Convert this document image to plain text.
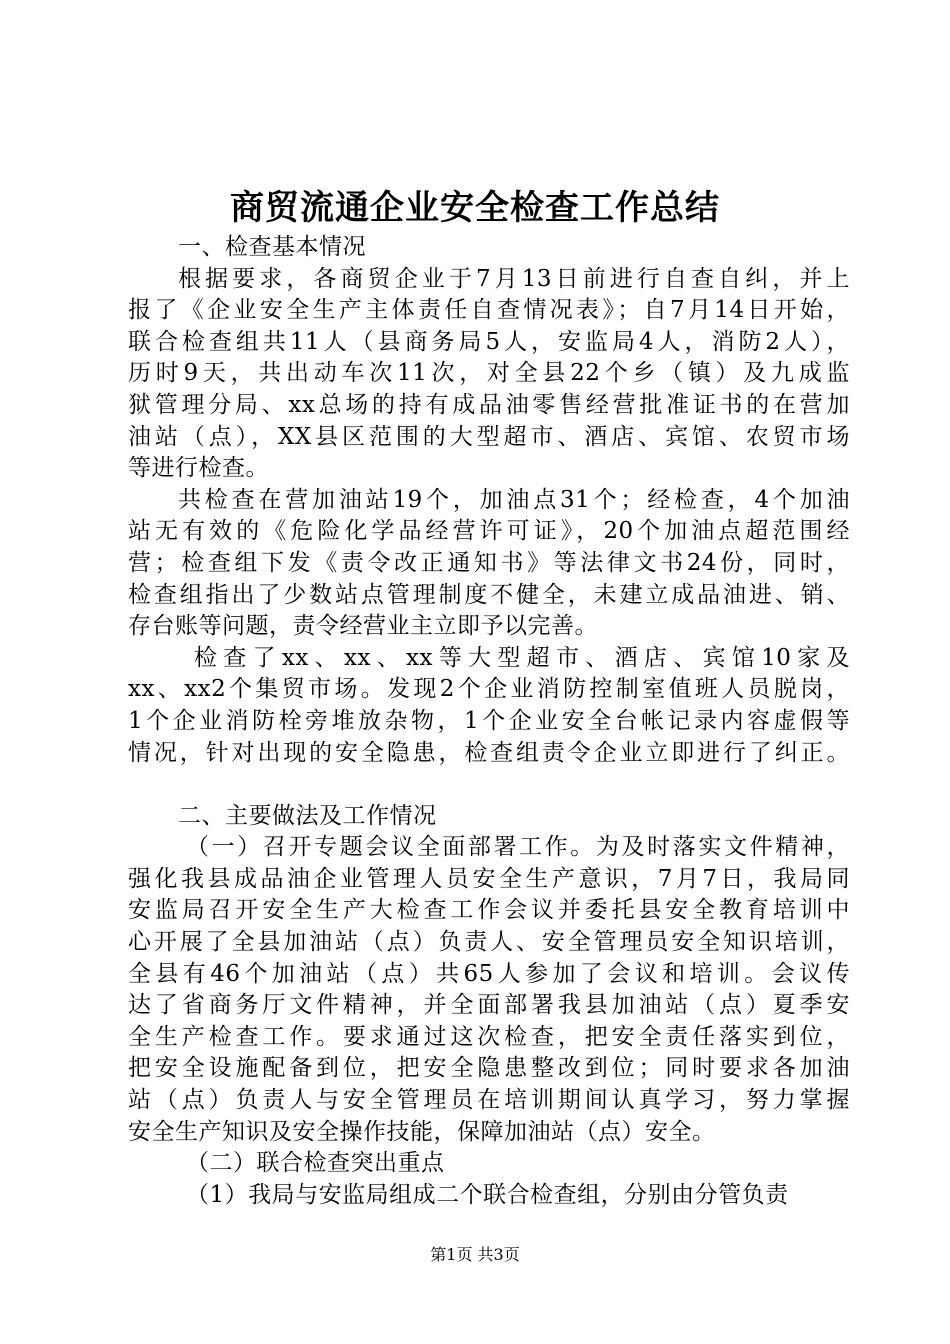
商贸流通企业安全检查工作总结
一、检查基本情况
根据要求，各商贸企业于7月13日前进行自查自纠，并上
报了《企业安全生产主体责任自查情况表》；自7月14日开始，
联合检查组共11人（县商务局5人，安监局4人，消防2人），
历时9天，共出动车次11次，对全县22个乡（镇）及九成监
狱管理分局、xx总场的持有成品油零售经营批准证书的在营加
油站（点），XX县区范围的大型超市、酒店、宾馆、农贸市场
等进行检查。
共检查在营加油站19个，加油点31个；经检查，4个加油
站无有效的《危险化学品经营许可证》，20个加油点超范围经
营；检查组下发《责令改正通知书》等法律文书24份，同时，
检查组指出了少数站点管理制度不健全，未建立成品油进、销、
存台账等问题，责令经营业主立即予以完善。
检查了xx、xx、xx等大型超市、酒店、宾馆10家及
xx、xx2个集贸市场。发现2个企业消防控制室值班人员脱岗，
1个企业消防栓旁堆放杂物，1个企业安全台帐记录内容虚假等
情况，针对出现的安全隐患，检查组责令企业立即进行了纠正。
二、主要做法及工作情况
（一）召开专题会议全面部署工作。为及时落实文件精神，
强化我县成品油企业管理人员安全生产意识，7月7日，我局同
安监局召开安全生产大检查工作会议并委托县安全教育培训中
心开展了全县加油站（点）负责人、安全管理员安全知识培训，
全县有46个加油站（点）共65人参加了会议和培训。会议传
达了省商务厅文件精神，并全面部署我县加油站（点）夏季安
全生产检查工作。要求通过这次检查，把安全责任落实到位，
把安全设施配备到位，把安全隐患整改到位；同时要求各加油
站（点）负责人与安全管理员在培训期间认真学习，努力掌握
安全生产知识及安全操作技能，保障加油站（点）安全。
（二）联合检查突出重点
（1）我局与安监局组成二个联合检查组，分别由分管负责
第1页 共3页
